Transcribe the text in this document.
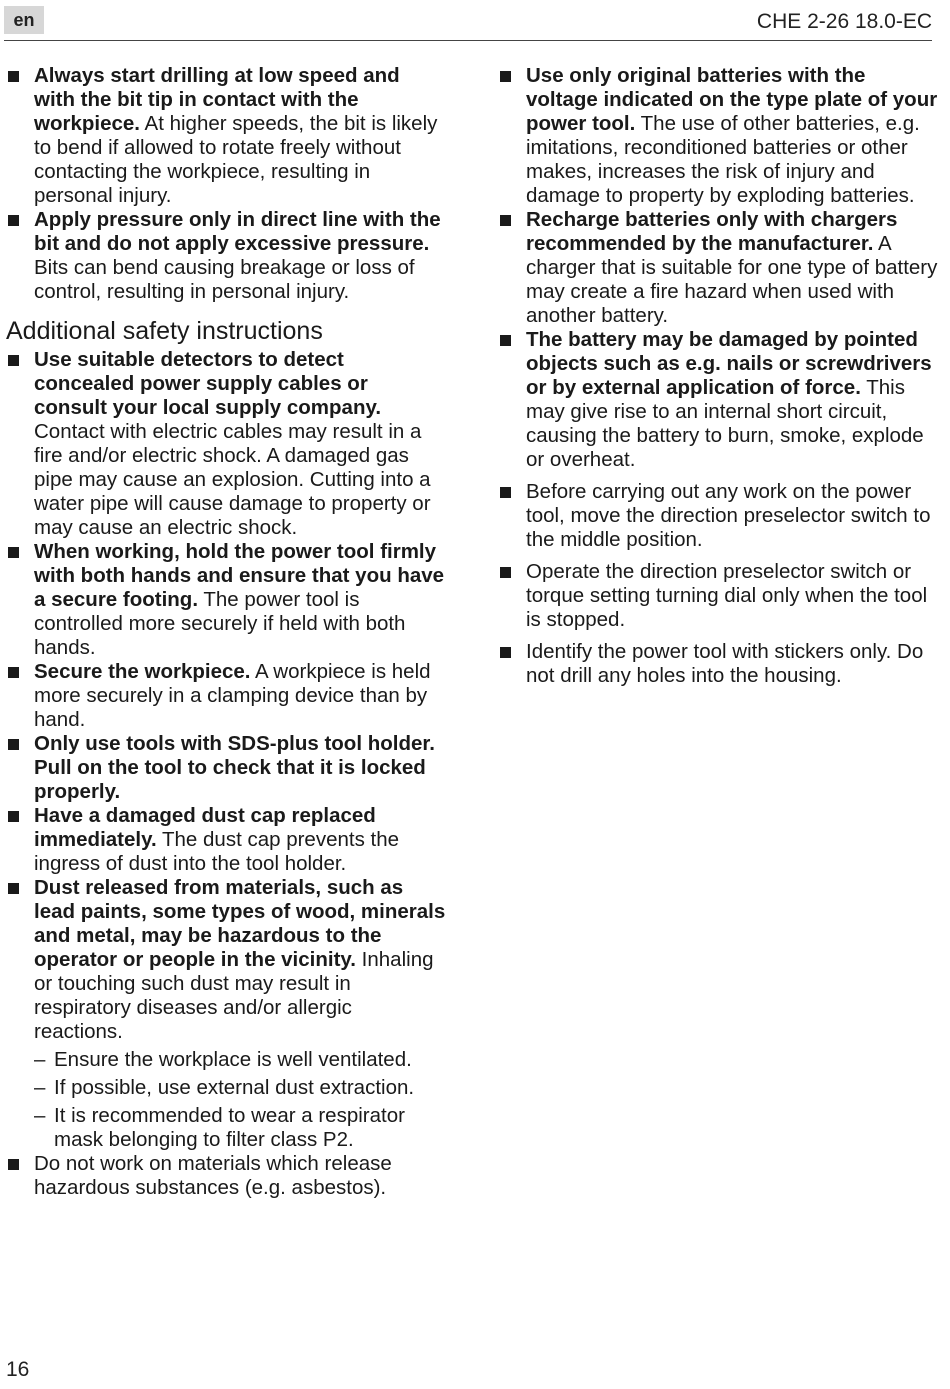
en	CHE 2-26 18.0-EC

Always start drilling at low speed and with the bit tip in contact with the workpiece. At higher speeds, the bit is likely to bend if allowed to rotate freely without contacting the workpiece, resulting in personal injury.

Apply pressure only in direct line with the bit and do not apply excessive pressure. Bits can bend causing breakage or loss of control, resulting in personal injury.

Additional safety instructions

Use suitable detectors to detect concealed power supply cables or consult your local supply company. Contact with electric cables may result in a fire and/or electric shock. A damaged gas pipe may cause an explosion. Cutting into a water pipe will cause damage to property or may cause an electric shock.

When working, hold the power tool firmly with both hands and ensure that you have a secure footing. The power tool is controlled more securely if held with both hands.

Secure the workpiece. A workpiece is held more securely in a clamping device than by hand.

Only use tools with SDS-plus tool holder. Pull on the tool to check that it is locked properly.

Have a damaged dust cap replaced immediately. The dust cap prevents the ingress of dust into the tool holder.

Dust released from materials, such as lead paints, some types of wood, minerals and metal, may be hazardous to the operator or people in the vicinity. Inhaling or touching such dust may result in respiratory diseases and/or allergic reactions.

– Ensure the workplace is well ventilated.
– If possible, use external dust extraction.
– It is recommended to wear a respirator mask belonging to filter class P2.

Do not work on materials which release hazardous substances (e.g. asbestos).

Use only original batteries with the voltage indicated on the type plate of your power tool. The use of other batteries, e.g. imitations, reconditioned batteries or other makes, increases the risk of injury and damage to property by exploding batteries.

Recharge batteries only with chargers recommended by the manufacturer. A charger that is suitable for one type of battery may create a fire hazard when used with another battery.

The battery may be damaged by pointed objects such as e.g. nails or screwdrivers or by external application of force. This may give rise to an internal short circuit, causing the battery to burn, smoke, explode or overheat.

Before carrying out any work on the power tool, move the direction preselector switch to the middle position.

Operate the direction preselector switch or torque setting turning dial only when the tool is stopped.

Identify the power tool with stickers only. Do not drill any holes into the housing.

16
